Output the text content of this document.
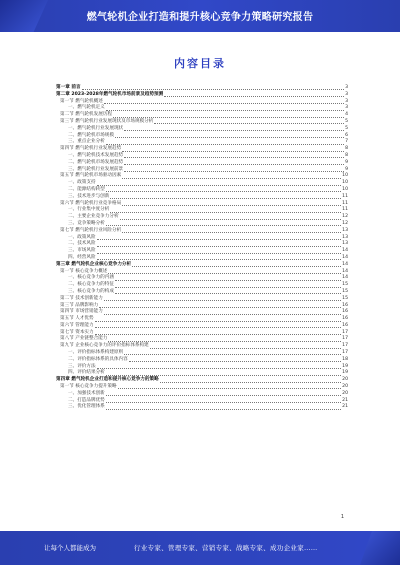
燃气轮机企业打造和提升核心竞争力策略研究报告
内容目录
第一章 前言	3
第二章 2023-2028年燃气轮机市场前景及趋势预测	3
第一节 燃气轮机概述	3
一、燃气轮机定义	3
第二节 燃气轮机发展历程	4
第三节 燃气轮机行业发展现状及市场规模分析	5
一、燃气轮机行业发展现状	5
二、燃气轮机市场规模	6
三、重点企业分析	7
第四节 燃气轮机行业发展趋势	8
一、燃气轮机技术发展趋势	8
二、燃气轮机市场发展趋势	9
三、燃气轮机行业发展前景	9
第五节 燃气轮机市场驱动因素	10
一、政策支持	10
二、能源结构转型	10
三、技术进步与创新	11
第六节 燃气轮机行业竞争格局	11
一、行业集中度分析	11
二、主要企业竞争力分析	12
三、竞争策略分析	12
第七节 燃气轮机行业风险分析	13
一、政策风险	13
二、技术风险	13
三、市场风险	14
四、经营风险	14
第三章 燃气轮机企业核心竞争力分析	14
第一节 核心竞争力概述	14
一、核心竞争力的内涵	14
二、核心竞争力的特征	15
三、核心竞争力的构成	15
第二节 技术创新能力	15
第三节 品牌影响力	16
第四节 市场营销能力	16
第五节 人才优势	16
第六节 管理能力	16
第七节 资本实力	17
第八节 产业链整合能力	17
第九节 企业核心竞争力的评价指标体系构建	17
一、评价指标体系构建原则	17
二、评价指标体系的具体内容	18
三、评价方法	19
四、评价结果分析	19
第四章 燃气轮机企业打造和提升核心竞争力的策略	20
第一节 核心竞争力提升策略	20
一、加强技术创新	20
二、打造品牌优势	21
三、优化管理体系	21
1
让每个人都能成为	行业专家、管理专家、营销专家、战略专家、成功企业家……
